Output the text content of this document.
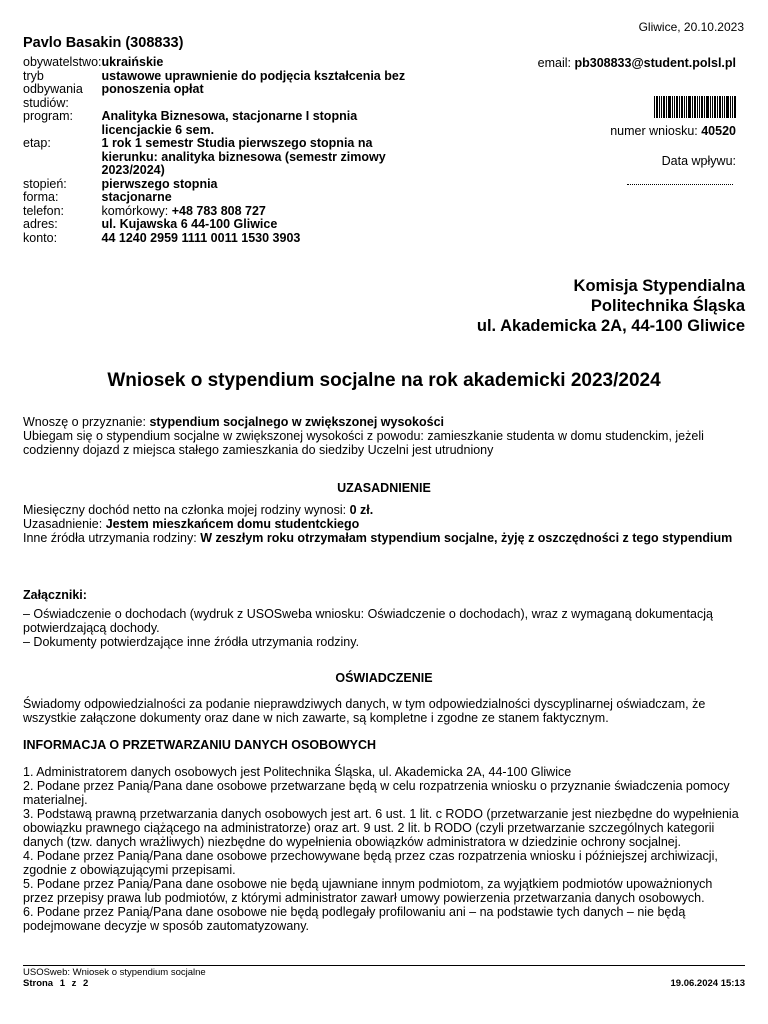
Gliwice, 20.10.2023
Pavlo Basakin (308833)
obywatelstwo:	ukraińskie
tryb odbywania studiów:	ustawowe uprawnienie do podjęcia kształcenia bez ponoszenia opłat
program:	Analityka Biznesowa, stacjonarne I stopnia licencjackie 6 sem.
etap:	1 rok 1 semestr Studia pierwszego stopnia na kierunku: analityka biznesowa (semestr zimowy 2023/2024)
stopień:	pierwszego stopnia
forma:	stacjonarne
telefon:	komórkowy: +48 783 808 727
adres:	ul. Kujawska 6 44-100 Gliwice
konto:	44 1240 2959 1111 0011 1530 3903
email: pb308833@student.polsl.pl
numer wniosku: 40520
Data wpływu:
Komisja Stypendialna
Politechnika Śląska
ul. Akademicka 2A, 44-100 Gliwice
Wniosek o stypendium socjalne na rok akademicki 2023/2024

Wnoszę o przyznanie: stypendium socjalnego w zwiększonej wysokości

Ubiegam się o stypendium socjalne w zwiększonej wysokości z powodu: zamieszkanie studenta w domu studenckim, jeżeli codzienny dojazd z miejsca stałego zamieszkania do siedziby Uczelni jest utrudniony

UZASADNIENIE

Miesięczny dochód netto na członka mojej rodziny wynosi: 0 zł.

Uzasadnienie: Jestem mieszkańcem domu studentckiego

Inne źródła utrzymania rodziny: W zeszłym roku otrzymałam stypendium socjalne, żyję z oszczędności z tego stypendium

Załączniki:

– Oświadczenie o dochodach (wydruk z USOSweba wniosku: Oświadczenie o dochodach), wraz z wymaganą dokumentacją potwierdzającą dochody.

– Dokumenty potwierdzające inne źródła utrzymania rodziny.

OŚWIADCZENIE
Świadomy odpowiedzialności za podanie nieprawdziwych danych, w tym odpowiedzialności dyscyplinarnej oświadczam, że wszystkie załączone dokumenty oraz dane w nich zawarte, są kompletne i zgodne ze stanem faktycznym.
INFORMACJA O PRZETWARZANIU DANYCH OSOBOWYCH

1. Administratorem danych osobowych jest Politechnika Śląska, ul. Akademicka 2A, 44-100 Gliwice

2. Podane przez Panią/Pana dane osobowe przetwarzane będą w celu rozpatrzenia wniosku o przyznanie świadczenia pomocy materialnej.

3. Podstawą prawną przetwarzania danych osobowych jest art. 6 ust. 1 lit. c RODO (przetwarzanie jest niezbędne do wypełnienia obowiązku prawnego ciążącego na administratorze) oraz art. 9 ust. 2 lit. b RODO (czyli przetwarzanie szczególnych kategorii danych (tzw. danych wrażliwych) niezbędne do wypełnienia obowiązków administratora w dziedzinie ochrony socjalnej.

4. Podane przez Panią/Pana dane osobowe przechowywane będą przez czas rozpatrzenia wniosku i późniejszej archiwizacji, zgodnie z obowiązującymi przepisami.

5. Podane przez Panią/Pana dane osobowe nie będą ujawniane innym podmiotom, za wyjątkiem podmiotów upoważnionych przez przepisy prawa lub podmiotów, z którymi administrator zawarł umowy powierzenia przetwarzania danych osobowych.

6. Podane przez Panią/Pana dane osobowe nie będą podlegały profilowaniu ani – na podstawie tych danych – nie będą podejmowane decyzje w sposób zautomatyzowany.

USOSweb: Wniosek o stypendium socjalne
Strona 1 z 2	19.06.2024 15:13
